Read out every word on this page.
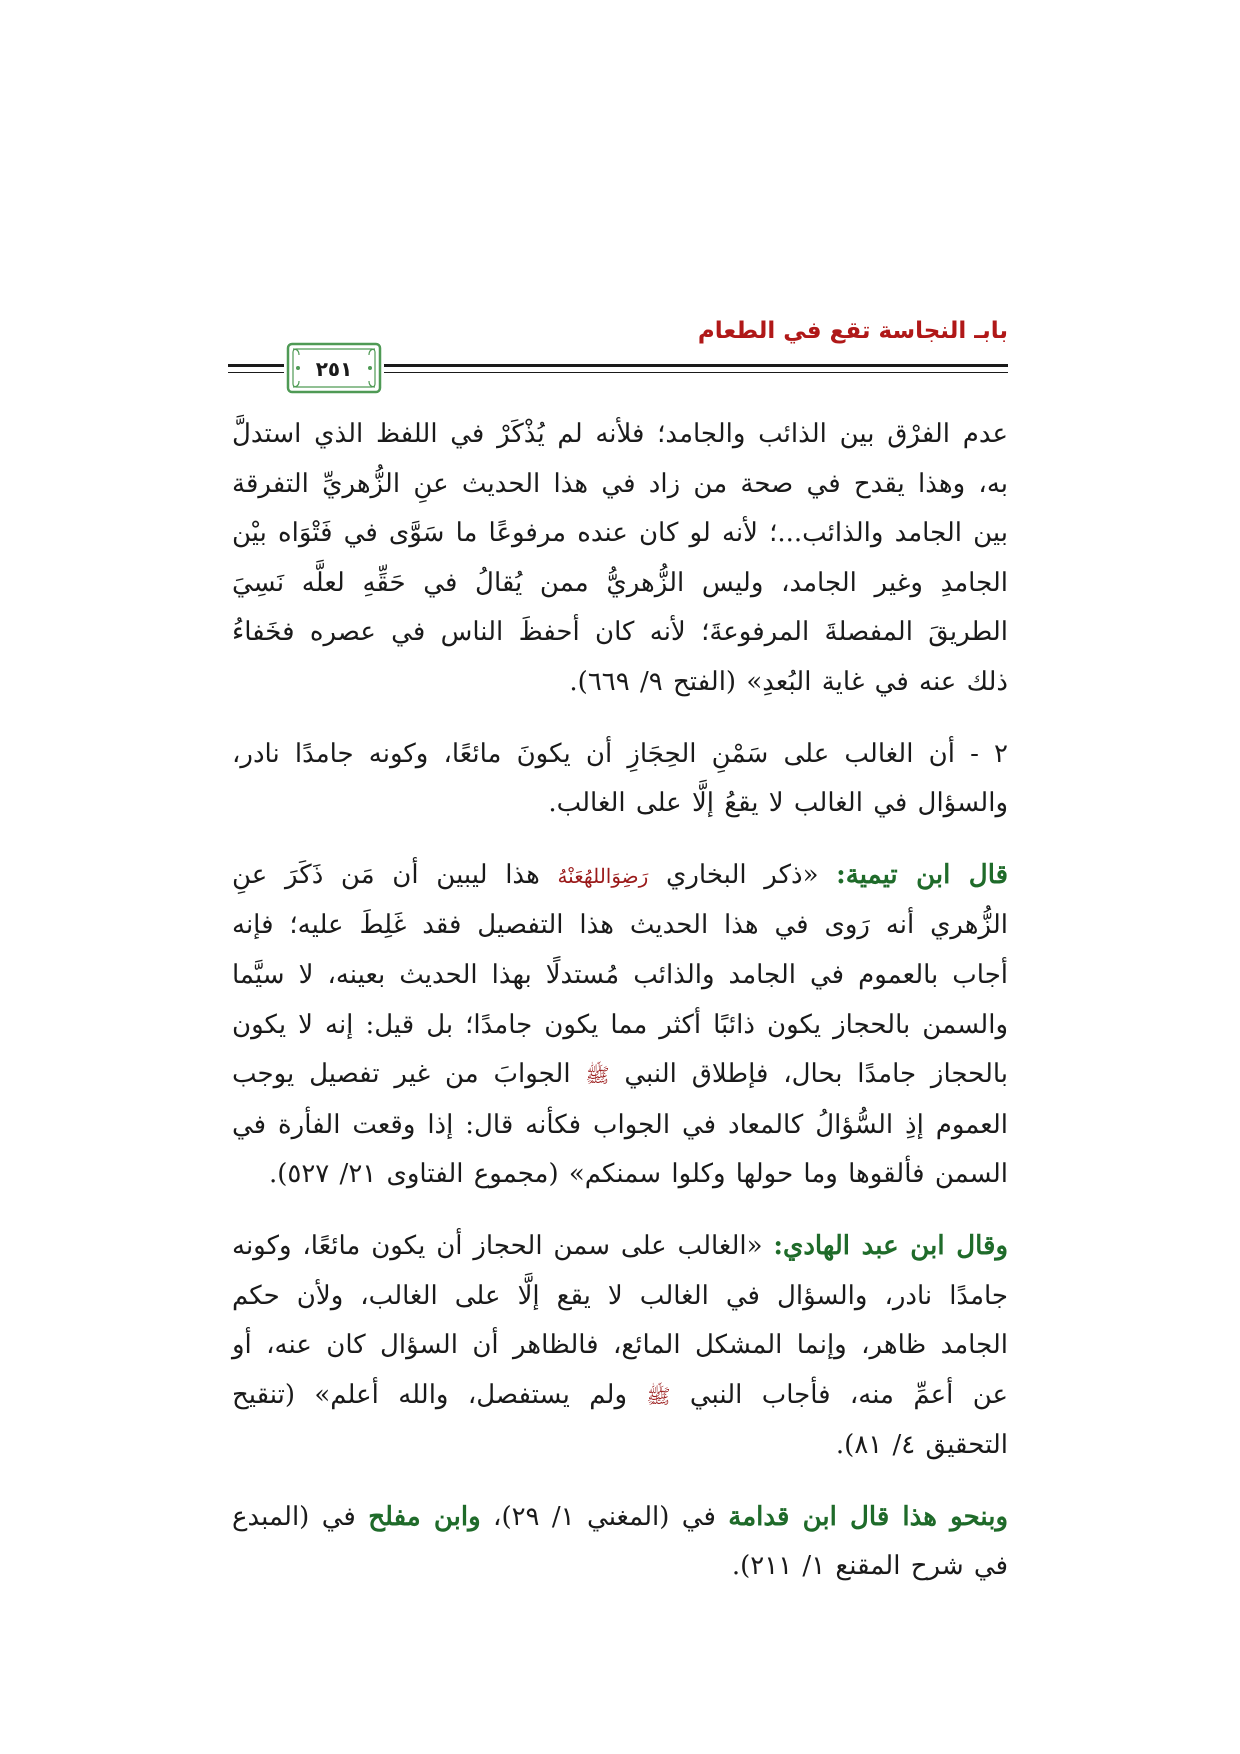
بابـ النجاسة تقع في الطعام
٢٥١

عدم الفرْق بين الذائب والجامد؛ فلأنه لم يُذْكَرْ في اللفظ الذي استدلَّ به، وهذا يقدح في صحة من زاد في هذا الحديث عنِ الزُّهريِّ التفرقة بين الجامد والذائب...؛ لأنه لو كان عنده مرفوعًا ما سَوَّى في فَتْوَاه بيْن الجامدِ وغير الجامد، وليس الزُّهريُّ ممن يُقالُ في حَقِّهِ لعلَّه نَسِيَ الطريقَ المفصلةَ المرفوعةَ؛ لأنه كان أحفظَ الناس في عصره فخَفاءُ ذلك عنه في غاية البُعدِ» (الفتح ٩/ ٦٦٩).

٢ - أن الغالب على سَمْنِ الحِجَازِ أن يكونَ مائعًا، وكونه جامدًا نادر، والسؤال في الغالب لا يقعُ إلَّا على الغالب.

قال ابن تيمية: «ذكر البخاري رَضِوَاللهُعَنْهُ هذا ليبين أن مَن ذَكَرَ عنِ الزُّهري أنه رَوى في هذا الحديث هذا التفصيل فقد غَلِطَ عليه؛ فإنه أجاب بالعموم في الجامد والذائب مُستدلًا بهذا الحديث بعينه، لا سيَّما والسمن بالحجاز يكون ذائبًا أكثر مما يكون جامدًا؛ بل قيل: إنه لا يكون بالحجاز جامدًا بحال، فإطلاق النبي ﷺ الجوابَ من غير تفصيل يوجب العموم إذِ السُّؤالُ كالمعاد في الجواب فكأنه قال: إذا وقعت الفأرة في السمن فألقوها وما حولها وكلوا سمنكم» (مجموع الفتاوى ٢١/ ٥٢٧).

وقال ابن عبد الهادي: «الغالب على سمن الحجاز أن يكون مائعًا، وكونه جامدًا نادر، والسؤال في الغالب لا يقع إلَّا على الغالب، ولأن حكم الجامد ظاهر، وإنما المشكل المائع، فالظاهر أن السؤال كان عنه، أو عن أعمِّ منه، فأجاب النبي ﷺ ولم يستفصل، والله أعلم» (تنقيح التحقيق ٤/ ٨١).

وبنحو هذا قال ابن قدامة في (المغني ١/ ٢٩)، وابن مفلح في (المبدع في شرح المقنع ١/ ٢١١).
